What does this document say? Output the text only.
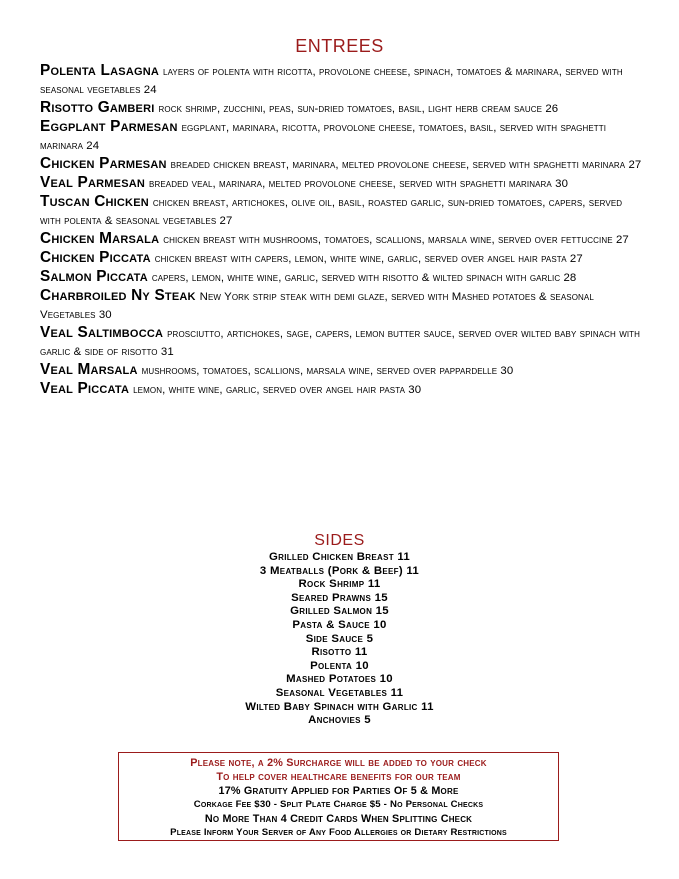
ENTREES
Polenta Lasagna layers of polenta with ricotta, provolone cheese, spinach, tomatoes & marinara, served with seasonal vegetables 24
Risotto Gamberi rock shrimp, zucchini, peas, sun-dried tomatoes, basil, light herb cream sauce 26
Eggplant Parmesan eggplant, marinara, ricotta, provolone cheese, tomatoes, basil, served with spaghetti marinara 24
Chicken Parmesan breaded chicken breast, marinara, melted provolone cheese, served with spaghetti marinara 27
Veal Parmesan breaded veal, marinara, melted provolone cheese, served with spaghetti marinara 30
Tuscan Chicken chicken breast, artichokes, olive oil, basil, roasted garlic, sun-dried tomatoes, capers, served with polenta & seasonal vegetables 27
Chicken Marsala chicken breast with mushrooms, tomatoes, scallions, marsala wine, served over fettuccine 27
Chicken Piccata chicken breast with capers, lemon, white wine, garlic, served over angel hair pasta 27
Salmon Piccata capers, lemon, white wine, garlic, served with risotto & wilted spinach with garlic 28
Charbroiled Ny Steak New York strip steak with demi glaze, served with Mashed potatoes & seasonal Vegetables 30
Veal Saltimbocca prosciutto, artichokes, sage, capers, lemon butter sauce, served over wilted baby spinach with garlic & side of risotto 31
Veal Marsala mushrooms, tomatoes, scallions, marsala wine, served over pappardelle 30
Veal Piccata lemon, white wine, garlic, served over angel hair pasta 30
SIDES
Grilled Chicken Breast 11
3 Meatballs (Pork & Beef) 11
Rock Shrimp 11
Seared Prawns 15
Grilled Salmon 15
Pasta & Sauce 10
Side Sauce 5
Risotto 11
Polenta 10
Mashed Potatoes 10
Seasonal Vegetables 11
Wilted Baby Spinach with Garlic 11
Anchovies 5
Please note, a 2% Surcharge will be added to your check
To help cover healthcare benefits for our team
17% Gratuity Applied for Parties Of 5 & More
Corkage Fee $30 - Split Plate Charge $5 - No Personal Checks
No More Than 4 Credit Cards When Splitting Check
Please Inform Your Server of Any Food Allergies or Dietary Restrictions
